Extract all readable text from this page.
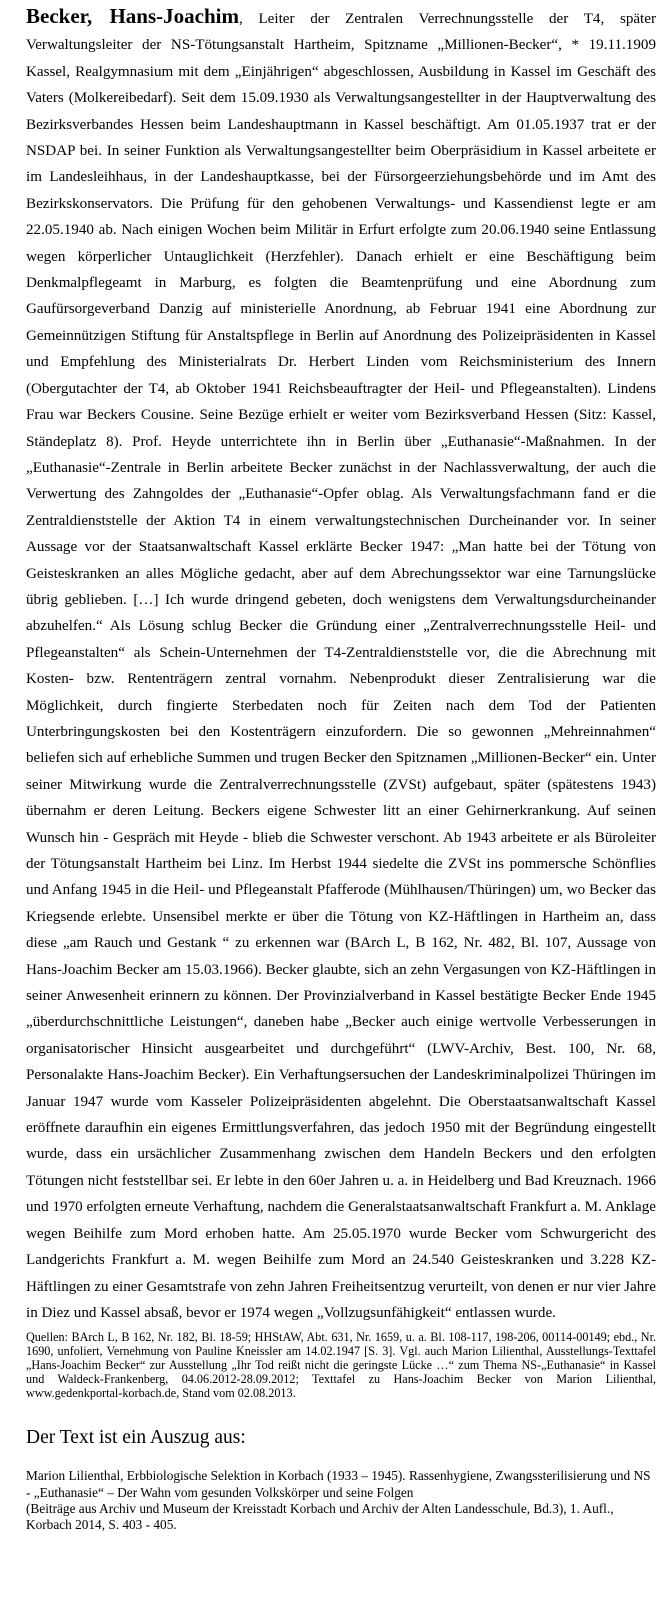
Becker, Hans-Joachim, Leiter der Zentralen Verrechnungsstelle der T4, später Verwaltungsleiter der NS-Tötungsanstalt Hartheim, Spitzname „Millionen-Becker“, * 19.11.1909 Kassel, Realgymnasium mit dem „Einjährigen“ abgeschlossen, Ausbildung in Kassel im Geschäft des Vaters (Molkereibedarf). Seit dem 15.09.1930 als Verwaltungsangestellter in der Hauptverwaltung des Bezirksverbandes Hessen beim Landeshauptmann in Kassel beschäftigt. Am 01.05.1937 trat er der NSDAP bei. In seiner Funktion als Verwaltungsangestellter beim Oberpräsidium in Kassel arbeitete er im Landesleihhaus, in der Landeshauptkasse, bei der Fürsorgeerziehungsbehörde und im Amt des Bezirkskonservators. Die Prüfung für den gehobenen Verwaltungs- und Kassendienst legte er am 22.05.1940 ab. Nach einigen Wochen beim Militär in Erfurt erfolgte zum 20.06.1940 seine Entlassung wegen körperlicher Untauglichkeit (Herzfehler). Danach erhielt er eine Beschäftigung beim Denkmalpflegeamt in Marburg, es folgten die Beamtenprüfung und eine Abordnung zum Gaufürsorgeverband Danzig auf ministerielle Anordnung, ab Februar 1941 eine Abordnung zur Gemeinnützigen Stiftung für Anstaltspflege in Berlin auf Anordnung des Polizeipräsidenten in Kassel und Empfehlung des Ministerialrats Dr. Herbert Linden vom Reichsministerium des Innern (Obergutachter der T4, ab Oktober 1941 Reichsbeauftragter der Heil- und Pflegeanstalten). Lindens Frau war Beckers Cousine. Seine Bezüge erhielt er weiter vom Bezirksverband Hessen (Sitz: Kassel, Ständeplatz 8). Prof. Heyde unterrichtete ihn in Berlin über „Euthanasie“-Maßnahmen. In der „Euthanasie“-Zentrale in Berlin arbeitete Becker zunächst in der Nachlassverwaltung, der auch die Verwertung des Zahngoldes der „Euthanasie“-Opfer oblag. Als Verwaltungsfachmann fand er die Zentraldienststelle der Aktion T4 in einem verwaltungstechnischen Durcheinander vor. In seiner Aussage vor der Staatsanwaltschaft Kassel erklärte Becker 1947: „Man hatte bei der Tötung von Geisteskranken an alles Mögliche gedacht, aber auf dem Abrechungssektor war eine Tarnungslücke übrig geblieben. […] Ich wurde dringend gebeten, doch wenigstens dem Verwaltungsdurcheinander abzuhelfen.“ Als Lösung schlug Becker die Gründung einer „Zentralverrechnungsstelle Heil- und Pflegeanstalten“ als Schein-Unternehmen der T4-Zentraldienststelle vor, die die Abrechnung mit Kosten- bzw. Rententrägern zentral vornahm. Nebenprodukt dieser Zentralisierung war die Möglichkeit, durch fingierte Sterbedaten noch für Zeiten nach dem Tod der Patienten Unterbringungskosten bei den Kostenträgern einzufordern. Die so gewonnen „Mehreinnahmen“ beliefen sich auf erhebliche Summen und trugen Becker den Spitznamen „Millionen-Becker“ ein. Unter seiner Mitwirkung wurde die Zentralverrechnungsstelle (ZVSt) aufgebaut, später (spätestens 1943) übernahm er deren Leitung. Beckers eigene Schwester litt an einer Gehirnerkrankung. Auf seinen Wunsch hin - Gespräch mit Heyde - blieb die Schwester verschont. Ab 1943 arbeitete er als Büroleiter der Tötungsanstalt Hartheim bei Linz. Im Herbst 1944 siedelte die ZVSt ins pommersche Schönflies und Anfang 1945 in die Heil- und Pflegeanstalt Pfafferode (Mühlhausen/Thüringen) um, wo Becker das Kriegsende erlebte. Unsensibel merkte er über die Tötung von KZ-Häftlingen in Hartheim an, dass diese „am Rauch und Gestank “ zu erkennen war (BArch L, B 162, Nr. 482, Bl. 107, Aussage von Hans-Joachim Becker am 15.03.1966). Becker glaubte, sich an zehn Vergasungen von KZ-Häftlingen in seiner Anwesenheit erinnern zu können. Der Provinzialverband in Kassel bestätigte Becker Ende 1945 „überdurchschnittliche Leistungen“, daneben habe „Becker auch einige wertvolle Verbesserungen in organisatorischer Hinsicht ausgearbeitet und durchgeführt“ (LWV-Archiv, Best. 100, Nr. 68, Personalakte Hans-Joachim Becker). Ein Verhaftungsersuchen der Landeskriminalpolizei Thüringen im Januar 1947 wurde vom Kasseler Polizeipräsidenten abgelehnt. Die Oberstaatsanwaltschaft Kassel eröffnete daraufhin ein eigenes Ermittlungsverfahren, das jedoch 1950 mit der Begründung eingestellt wurde, dass ein ursächlicher Zusammenhang zwischen dem Handeln Beckers und den erfolgten Tötungen nicht feststellbar sei. Er lebte in den 60er Jahren u. a. in Heidelberg und Bad Kreuznach. 1966 und 1970 erfolgten erneute Verhaftung, nachdem die Generalstaatsanwaltschaft Frankfurt a. M. Anklage wegen Beihilfe zum Mord erhoben hatte. Am 25.05.1970 wurde Becker vom Schwurgericht des Landgerichts Frankfurt a. M. wegen Beihilfe zum Mord an 24.540 Geisteskranken und 3.228 KZ-Häftlingen zu einer Gesamtstrafe von zehn Jahren Freiheitsentzug verurteilt, von denen er nur vier Jahre in Diez und Kassel absaß, bevor er 1974 wegen „Vollzugsunfähigkeit“ entlassen wurde.

Quellen: BArch L, B 162, Nr. 182, Bl. 18-59; HHStAW, Abt. 631, Nr. 1659, u. a. Bl. 108-117, 198-206, 00114-00149; ebd., Nr. 1690, unfoliert, Vernehmung von Pauline Kneissler am 14.02.1947 [S. 3]. Vgl. auch Marion Lilienthal, Ausstellungs-Texttafel „Hans-Joachim Becker“ zur Ausstellung „Ihr Tod reißt nicht die geringste Lücke …“ zum Thema NS-„Euthanasie“ in Kassel und Waldeck-Frankenberg, 04.06.2012-28.09.2012; Texttafel zu Hans-Joachim Becker von Marion Lilienthal, www.gedenkportal-korbach.de, Stand vom 02.08.2013.

Der Text ist ein Auszug aus:

Marion Lilienthal, Erbbiologische Selektion in Korbach (1933 – 1945). Rassenhygiene, Zwangssterilisierung und NS - „Euthanasie“ – Der Wahn vom gesunden Volkskörper und seine Folgen
(Beiträge aus Archiv und Museum der Kreisstadt Korbach und Archiv der Alten Landesschule, Bd.3), 1. Aufl., Korbach 2014, S. 403 - 405.
